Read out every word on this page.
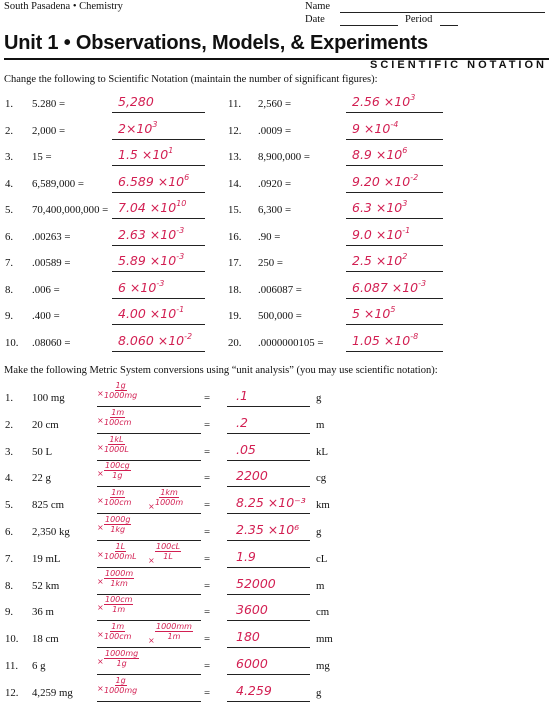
South Pasadena • Chemistry	Name
Date	Period
Unit 1 • Observations, Models, & Experiments
SCIENTIFIC NOTATION
Change the following to Scientific Notation (maintain the number of significant figures):
1. 5.280 =	5,280
2. 2,000 =	$2\times 10^3$
3. 15 =	$1.5 \times 10^1$
4. 6,589,000 =	$6.589 \times 10^6$
5. $70,400,000,000 = 7.04 \times 10^{10}$
6. .00263 =	$2.63 \times 10^{-3}$
7. .00589 =	$5.89 \times 10^{-3}$
8. .006 =	$6 \times 10^{-3}$
9. .400 =	$4.00 \times 10^{-1}$
10. .08060 =	$8.060 \times 10^{-2}$
11. 2,560 =	$2.56 \times 10^3$
12. .0009 =	$9 \times 10^{-4}$
13. 8,900,000 =	$8.9 \times 10^6$
14. .0920 =	$9.20 \times 10^{-2}$
15. 6,300 =	$6.3 \times 10^3$
16. .90 =	$9.0 \times 10^{-1}$
17. 250 =	$2.5 \times 10^2$
18. .006087 =	$6.087 \times 10^{-3}$
19. 500,000 =	$5 \times 10^5$
20. $.0000000105 = 1.05 \times 10^{-8}$
Make the following Metric System conversions using “unit analysis” (you may use scientific notation):
1. 100 mg	× $\frac{1g}{1000mg}$	= .1	g
2. 20 cm	× $\frac{1m}{100cm}$	= .2	m
3. 50 L	× $\frac{1kL}{1000L}$	= .05	kL
4. 22 g	× $\frac{100cg}{1g}$	= 2200	cg
5. 825 cm	× $\frac{1m}{100cm} \times \frac{1km}{1000m} = 8.25 \times 10^{-3}$ km
6. 2,350 kg	× $\frac{1000g}{1kg}$	= 2.35 ×10⁶ g
7. 19 mL	× $\frac{1L}{1000mL} \times \frac{100cL}{1L} = 1.9$	cL
8. 52 km	× $\frac{1000m}{1km}$	= 52000	m
9. 36 m	× $\frac{100cm}{1m}$	= 3600	cm
10. 18 cm	× $\frac{1m}{100cm} \times \frac{1000mm}{1m} = 180$	mm
11. 6 g	× $\frac{1000mg}{1g}$	= 6000	mg
12. 4,259 mg	× $\frac{1g}{1000mg}$	= 4.259	g
